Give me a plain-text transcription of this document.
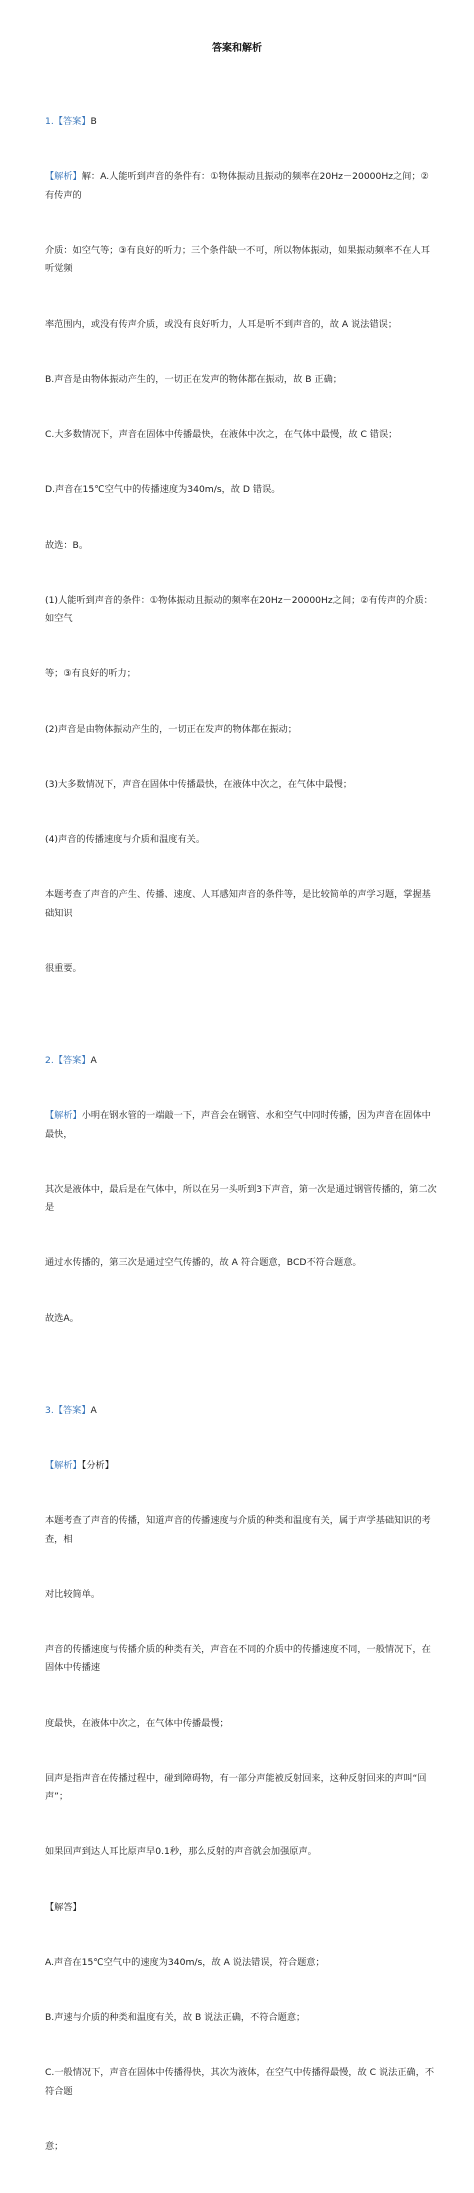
答案和解析

1.【答案】B

【解析】解：A.人能听到声音的条件有：①物体振动且振动的频率在20Hz－20000Hz之间；②有传声的

介质：如空气等；③有良好的听力；三个条件缺一不可，所以物体振动，如果振动频率不在人耳听觉频

率范围内，或没有传声介质，或没有良好听力，人耳是听不到声音的，故 A 说法错误；

B.声音是由物体振动产生的，一切正在发声的物体都在振动，故 B 正确；

C.大多数情况下，声音在固体中传播最快，在液体中次之，在气体中最慢，故 C 错误；

D.声音在15℃空气中的传播速度为340m/s，故 D 错误。

故选：B。

(1)人能听到声音的条件：①物体振动且振动的频率在20Hz－20000Hz之间；②有传声的介质：如空气

等；③有良好的听力；

(2)声音是由物体振动产生的，一切正在发声的物体都在振动；

(3)大多数情况下，声音在固体中传播最快，在液体中次之，在气体中最慢；

(4)声音的传播速度与介质和温度有关。

本题考查了声音的产生、传播、速度、人耳感知声音的条件等，是比较简单的声学习题，掌握基础知识

很重要。

2.【答案】A

【解析】小明在钢水管的一端敲一下，声音会在钢管、水和空气中同时传播，因为声音在固体中最快，

其次是液体中，最后是在气体中，所以在另一头听到3下声音，第一次是通过钢管传播的，第二次是

通过水传播的，第三次是通过空气传播的，故 A 符合题意，BCD不符合题意。

故选A。

3.【答案】A

【解析】【分析】

本题考查了声音的传播，知道声音的传播速度与介质的种类和温度有关，属于声学基础知识的考查，相

对比较简单。

声音的传播速度与传播介质的种类有关，声音在不同的介质中的传播速度不同，一般情况下，在固体中传播速

度最快，在液体中次之，在气体中传播最慢；

回声是指声音在传播过程中，碰到障碍物，有一部分声能被反射回来，这种反射回来的声叫“回声”；

如果回声到达人耳比原声早0.1秒，那么反射的声音就会加强原声。

【解答】

A.声音在15℃空气中的速度为340m/s，故 A 说法错误，符合题意；

B.声速与介质的种类和温度有关，故 B 说法正确，不符合题意；

C.一般情况下，声音在固体中传播得快，其次为液体，在空气中传播得最慢，故 C 说法正确，不符合题

意；
